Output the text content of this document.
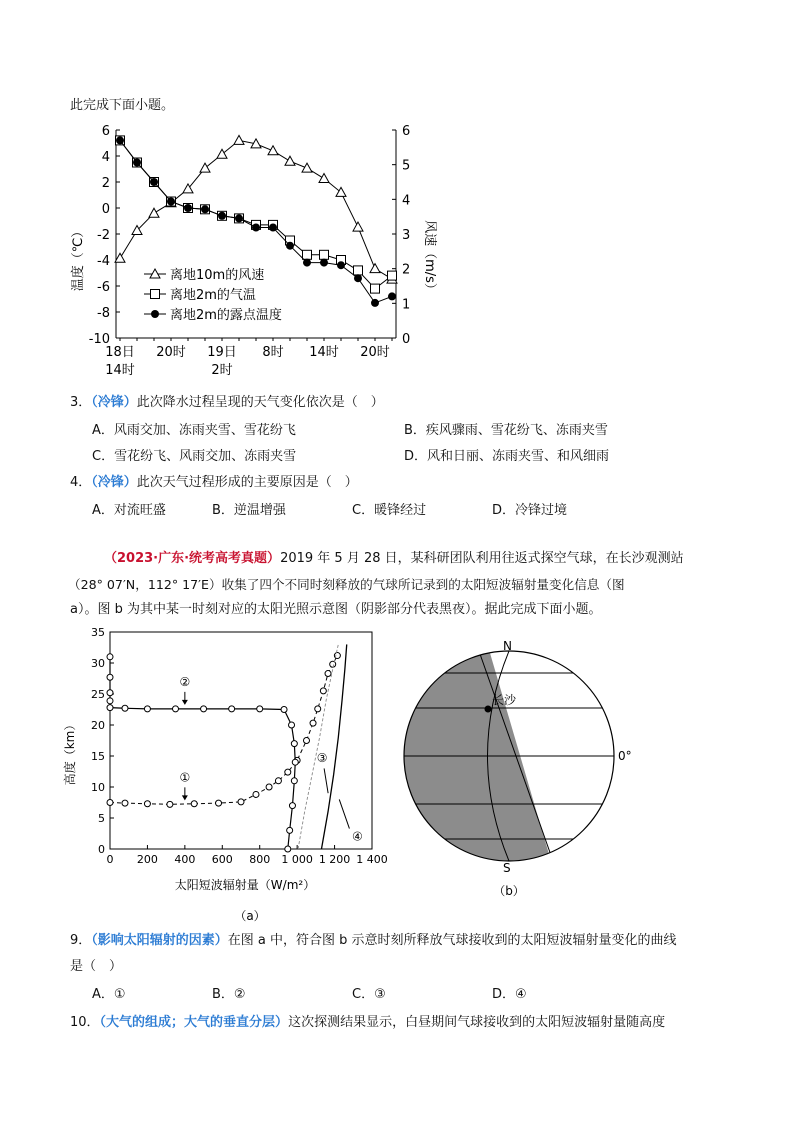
此完成下面小题。
6
4
2
0
-2
-4
-6
-8
-10
6
5
4
3
2
1
0
18日 20时 19日 8时 14时 20时
14时	2时
温度（℃）	风速（m/s）
离地10m的风速
离地2m的气温
离地2m的露点温度
3．（冷锋）此次降水过程呈现的天气变化依次是（　）
A．风雨交加、冻雨夹雪、雪花纷飞	B．疾风骤雨、雪花纷飞、冻雨夹雪
C．雪花纷飞、风雨交加、冻雨夹雪	D．风和日丽、冻雨夹雪、和风细雨
4．（冷锋）此次天气过程形成的主要原因是（　）
A．对流旺盛	B．逆温增强	C．暖锋经过	D．冷锋过境
（2023·广东·统考高考真题）2019 年 5 月 28 日，某科研团队利用往返式探空气球，在长沙观测站
（28° 07′N，112° 17′E）收集了四个不同时刻释放的气球所记录到的太阳短波辐射量变化信息（图
a）。图 b 为其中某一时刻对应的太阳光照示意图（阴影部分代表黑夜）。据此完成下面小题。
35
30
25
20
15
10
5
0
0 200 400 600 800 1 000 1 200 1 400
①
②
③
④
高度（km）
太阳短波辐射量（W/m²）
（a）
长沙
N
S
0°
（b）
9．（影响太阳辐射的因素）在图 a 中，符合图 b 示意时刻所释放气球接收到的太阳短波辐射量变化的曲线
是（　）
A．①	B．②	C．③	D．④
10．（大气的组成；大气的垂直分层）这次探测结果显示，白昼期间气球接收到的太阳短波辐射量随高度
